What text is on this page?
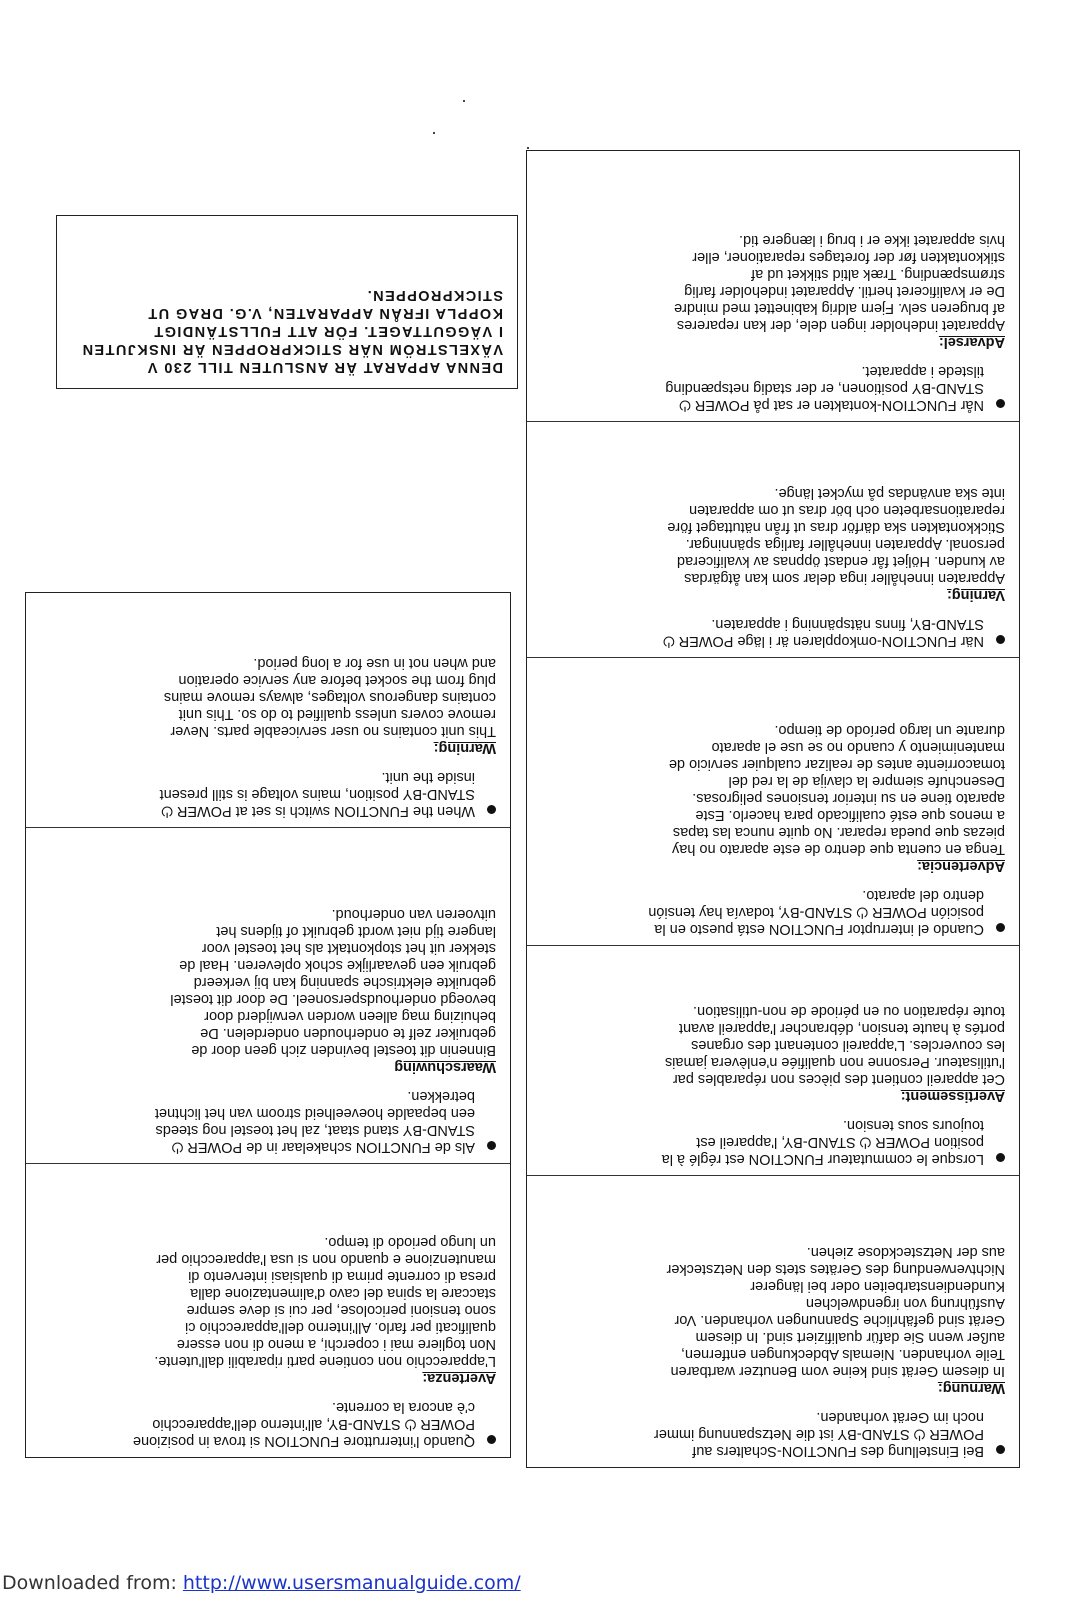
Quando l'interruttore FUNCTION si trova in posizione
POWER ⏻ STAND-BY, all'interno dell'apparecchio
c'è ancora la corrente.
Avertenza:
L'apparecchio non contiene parti riparabili dall'utente.
Non togliere mai i coperchi, a meno di non essere
qualificati per farlo. All'interno dell'apparecchio ci
sono tensioni pericolose, per cui si deve sempre
staccare la spina del cavo d'alimentazione dalla
presa di corrente prima di qualsiasi intervento di
manutenzione e quando non si usa l'apparecchio per
un lungo periodo di tempo.
Als de FUNCTION schakelaar in de POWER ⏻
STAND-BY stand staat, zal het toestel nog steeds
een bepaalde hoeveelheid stroom van het lichtnet
betrekken.
Waarschuwing
Binnenin dit toestel bevinden zich geen door de
gebruiker zelf te onderhouden onderdelen. De
behuizing mag alleen worden verwijderd door
bevoegd onderhoudspersoneel. De door dit toestel
gebruikte elektrische spanning kan bij verkeerd
gebruik een gevaarlijke schok opleveren. Haal de
stekker uit het stopkontakt als het toestel voor
langere tijd niet wordt gebruikt of tijdens het
uitvoeren van onderhoud.
When the FUNCTION switch is set at POWER ⏻
STAND-BY position, mains voltage is still present
inside the unit.
Warning:
This unit contains no user serviceable parts. Never
remove covers unless qualified to do so. This unit
contains dangerous voltages, always remove mains
plug from the socket before any service operation
and when not in use for a long period.
Bei Einstellung des FUNCTION-Schalters auf
POWER ⏻ STAND-BY ist die Netzspannung immer
noch im Gerät vorhanden.
Warnung:
In diesem Gerät sind keine vom Benutzer wartbaren
Teile vorhanden. Niemals Abdeckungen entfernen,
außer wenn Sie dafür qualifiziert sind. In diesem
Gerät sind gefährliche Spannungen vorhanden. Vor
Ausführung von irgendwelchen
Kundendienstarbeiten oder bei längerer
Nichtverwendung des Gerätes stets den Netzstecker
aus der Netzsteckdose ziehen.
Lorsque le commutateur FUNCTION est réglé à la
position POWER ⏻ STAND-BY, l'appareil est
toujours sous tension.
Avertissement:
Cet appareil contient des pièces non réparables par
l'utilisateur. Personne non qualifiée n'enlèvera jamais
les couvercles. L'appareil contenant des organes
portés à haute tension, débrancher l'appareil avant
toute réparation ou en période de non-utilisation.
Cuando el interruptor FUNCTION está puesto en la
posición POWER ⏻ STAND-BY, todavía hay tensión
dentro del aparato.
Advertencia:
Tenga en cuenta que dentro de este aparato no hay
piezas que pueda reparar. No quite nunca las tapas
a menos que esté cualificado para hacerlo. Este
aparato tiene en su interior tensiones peligrosas.
Desenchufe siempre la clavija de la red del
tomacorriente antes de realizar cualquier servicio de
mantenimiento y cuando no se use el aparato
durante un largo período de tiempo.
När FUNCTION-omkopplaren är i läge POWER ⏻
STAND-BY, finns nätspänning i apparaten.
Varning:
Apparaten innehåller inga delar som kan åtgärdas
av kunden. Höljet får endast öppnas av kvalificerad
personal. Apparaten innehåller farliga spänningar.
Stickkontakten ska därför dras ut från nätuttaget före
reparationsarbeten och bör dras ut om apparaten
inte ska användas på mycket länge.
Når FUNCTION-kontakten er sat på POWER ⏻
STAND-BY positionen, er der stadig netspænding
tilstede i apparatet.
Advarsel:
Apparatet indeholder ingen dele, der kan repareres
af brugeren selv. Fjern aldrig kabinettet med mindre
De er kvalificeret hertil. Apparatet indeholder farlig
strømspænding. Træk altid stikket ud af
stikkontakten før der foretages reparationer, eller
hvis apparatet ikke er i brug i længere tid.
DENNA APPARAT ÄR ANSLUTEN TILL 230 V
VÄXELSTRÖM NÄR STICKPROPPEN ÄR INSKJUTEN
I VÄGGUTTAGET. FÖR ATT FULLSTÄNDIGT
KOPPLA IFRÅN APPARATEN, V.G. DRAG UT
STICKPROPPEN.
Downloaded from: http://www.usersmanualguide.com/
